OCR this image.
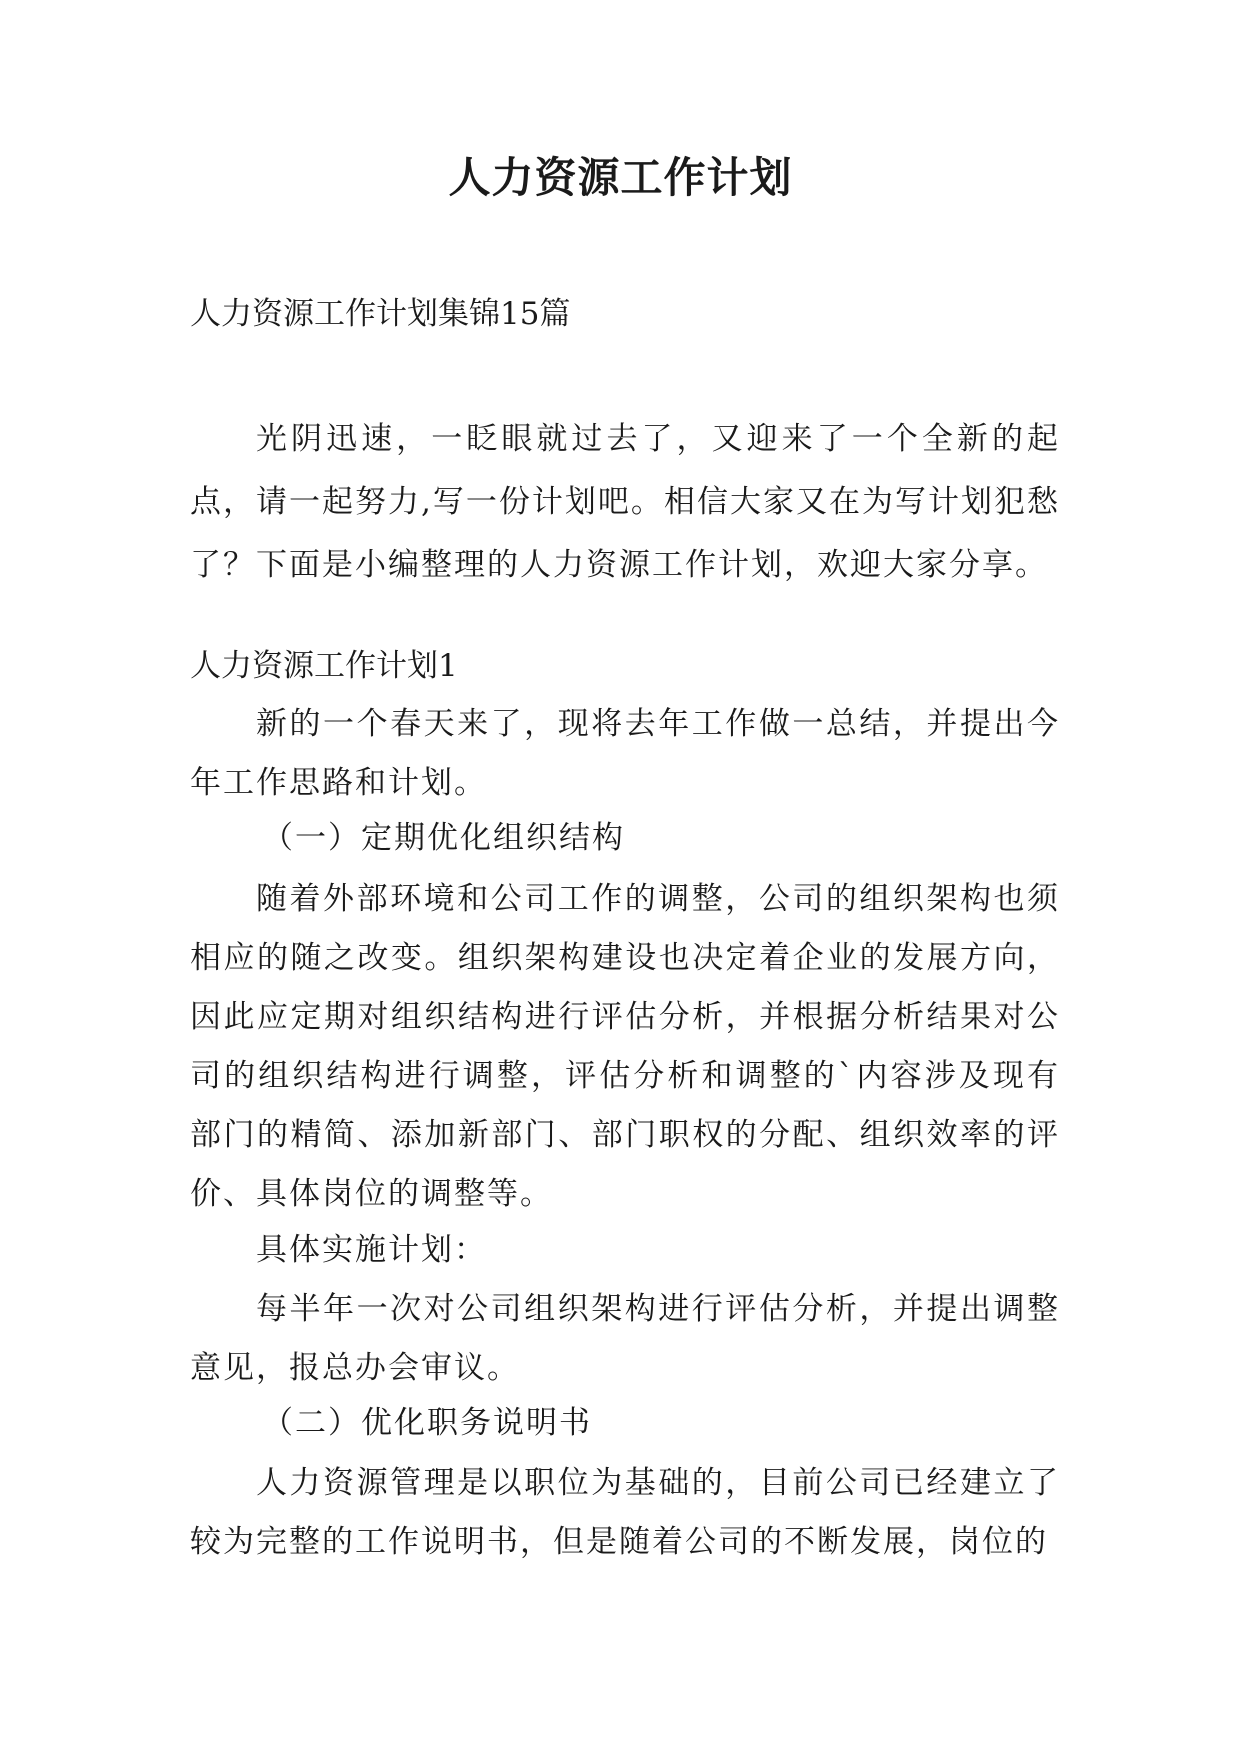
人力资源工作计划
人力资源工作计划集锦15篇
光阴迅速，一眨眼就过去了，又迎来了一个全新的起点，请一起努力,写一份计划吧。相信大家又在为写计划犯愁了？下面是小编整理的人力资源工作计划，欢迎大家分享。
人力资源工作计划1
新的一个春天来了，现将去年工作做一总结，并提出今年工作思路和计划。
（一）定期优化组织结构
随着外部环境和公司工作的调整，公司的组织架构也须相应的随之改变。组织架构建设也决定着企业的发展方向，因此应定期对组织结构进行评估分析，并根据分析结果对公司的组织结构进行调整，评估分析和调整的`内容涉及现有部门的精简、添加新部门、部门职权的分配、组织效率的评价、具体岗位的调整等。
具体实施计划：
每半年一次对公司组织架构进行评估分析，并提出调整意见，报总办会审议。
（二）优化职务说明书
人力资源管理是以职位为基础的，目前公司已经建立了较为完整的工作说明书，但是随着公司的不断发展，岗位的
